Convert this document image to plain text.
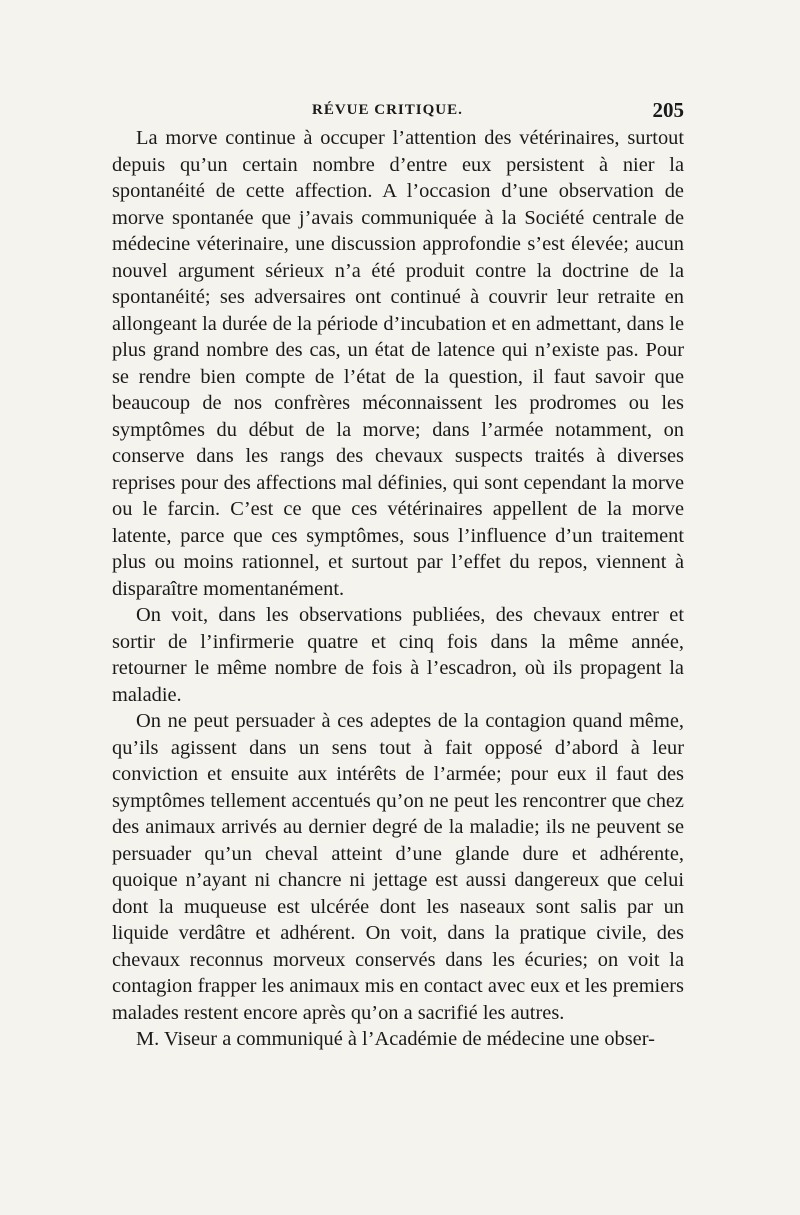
RÉVUE CRITIQUE.	205

La morve continue à occuper l’attention des vétérinaires, surtout depuis qu’un certain nombre d’entre eux persistent à nier la spontanéité de cette affection. A l’occasion d’une observation de morve spontanée que j’avais communiquée à la Société centrale de médecine véterinaire, une discussion approfondie s’est élevée; aucun nouvel argument sérieux n’a été produit contre la doctrine de la spontanéité; ses adversaires ont continué à couvrir leur retraite en allongeant la durée de la période d’incubation et en admettant, dans le plus grand nombre des cas, un état de latence qui n’existe pas. Pour se rendre bien compte de l’état de la question, il faut savoir que beaucoup de nos confrères méconnaissent les prodromes ou les symptômes du début de la morve; dans l’armée notamment, on conserve dans les rangs des chevaux suspects traités à diverses reprises pour des affections mal définies, qui sont cependant la morve ou le farcin. C’est ce que ces vétérinaires appellent de la morve latente, parce que ces symptômes, sous l’influence d’un traitement plus ou moins rationnel, et surtout par l’effet du repos, viennent à disparaître momentanément.

On voit, dans les observations publiées, des chevaux entrer et sortir de l’infirmerie quatre et cinq fois dans la même année, retourner le même nombre de fois à l’escadron, où ils propagent la maladie.

On ne peut persuader à ces adeptes de la contagion quand même, qu’ils agissent dans un sens tout à fait opposé d’abord à leur conviction et ensuite aux intérêts de l’armée; pour eux il faut des symptômes tellement accentués qu’on ne peut les rencontrer que chez des animaux arrivés au dernier degré de la maladie; ils ne peuvent se persuader qu’un cheval atteint d’une glande dure et adhérente, quoique n’ayant ni chancre ni jettage est aussi dangereux que celui dont la muqueuse est ulcérée dont les naseaux sont salis par un liquide verdâtre et adhérent. On voit, dans la pratique civile, des chevaux reconnus morveux conservés dans les écuries; on voit la contagion frapper les animaux mis en contact avec eux et les premiers malades restent encore après qu’on a sacrifié les autres.

M. Viseur a communiqué à l’Académie de médecine une obser-
